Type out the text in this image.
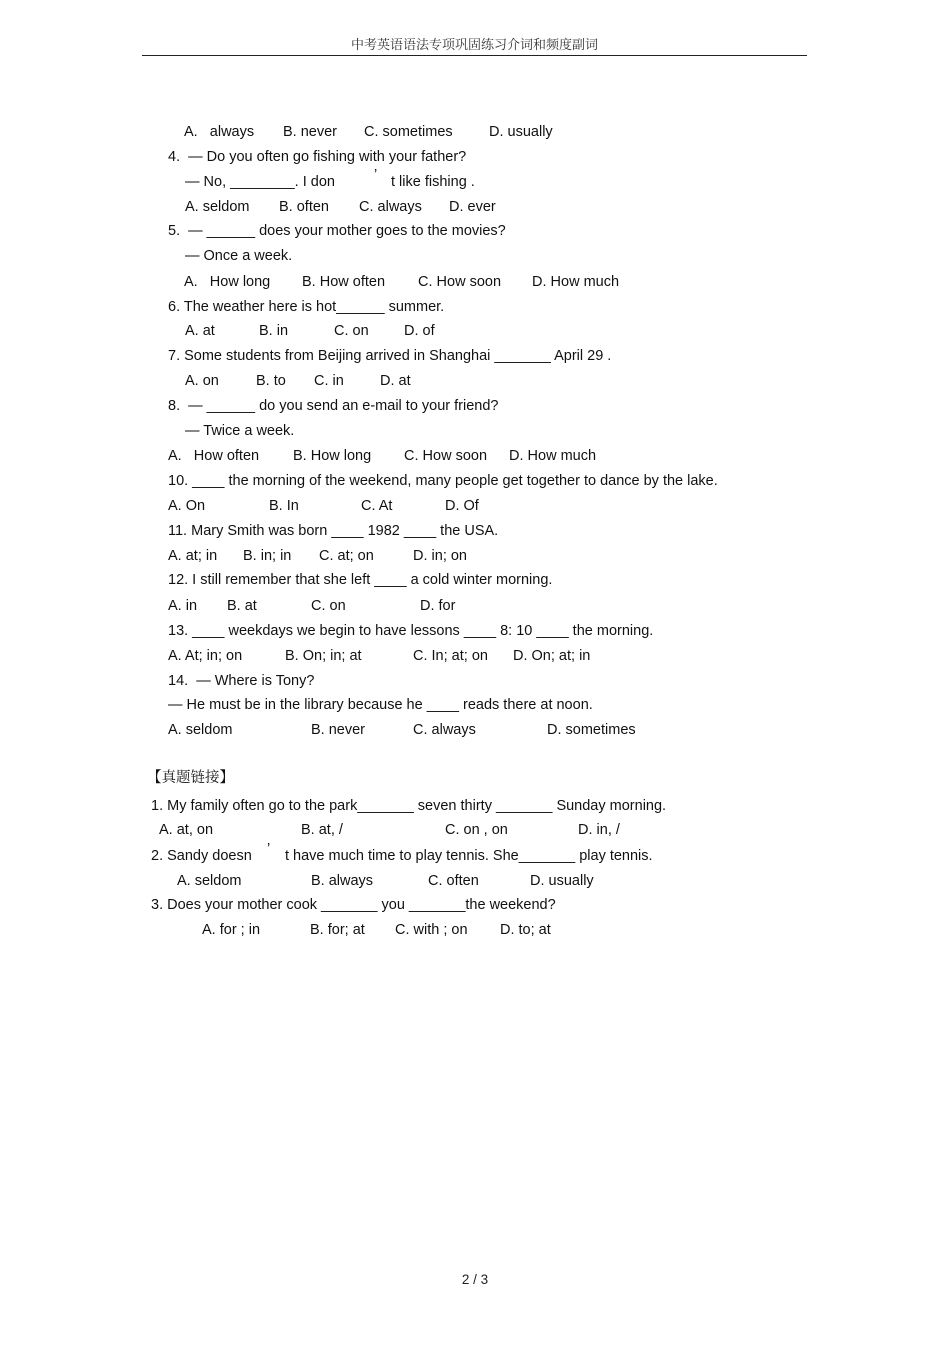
中考英语语法专项巩固练习介词和频度副词
A.   always B. never C. sometimes	D. usually
4.  ― Do you often go fishing with your father?
― No, ________. I don	’ t like fishing .
A. seldom B. often C. always D. ever
5.  ― ______ does your mother goes to the movies?
― Once a week.
A.   How long B. How often C. How soon D. How much
6. The weather here is hot______ summer.
A. at	B. in	C. on D. of
7. Some students from Beijing arrived in Shanghai _______ April 29 .
A. on	B. to C. in D. at
8.  ― ______ do you send an e-mail to your friend?
― Twice a week.
A.   How often B. How long C. How soon D. How much
10. ____ the morning of the weekend, many people get together to dance by the lake.
A. On	B. In	C. At	D. Of
11. Mary Smith was born ____ 1982 ____ the USA.
A. at; in B. in; in C. at; on	D. in; on
12. I still remember that she left ____ a cold winter morning.
A. in B. at	C. on	D. for
13. ____ weekdays we begin to have lessons ____ 8: 10 ____ the morning.
A. At; in; on	B. On; in; at	C. In; at; on D. On; at; in
14.  ― Where is Tony?
— He must be in the library because he ____ reads there at noon.
A. seldom	B. never	C. always	D. sometimes
【真题链接】
1. My family often go to the park_______ seven thirty _______ Sunday morning.
A. at, on	B. at, /	C. on , on	D. in, /
2. Sandy doesn ’ t have much time to play tennis. She_______ play tennis.
A. seldom	B. always	C. often	D. usually
3. Does your mother cook _______ you _______the weekend?
A. for ; in	B. for; at C. with ; on D. to; at
2 / 3
